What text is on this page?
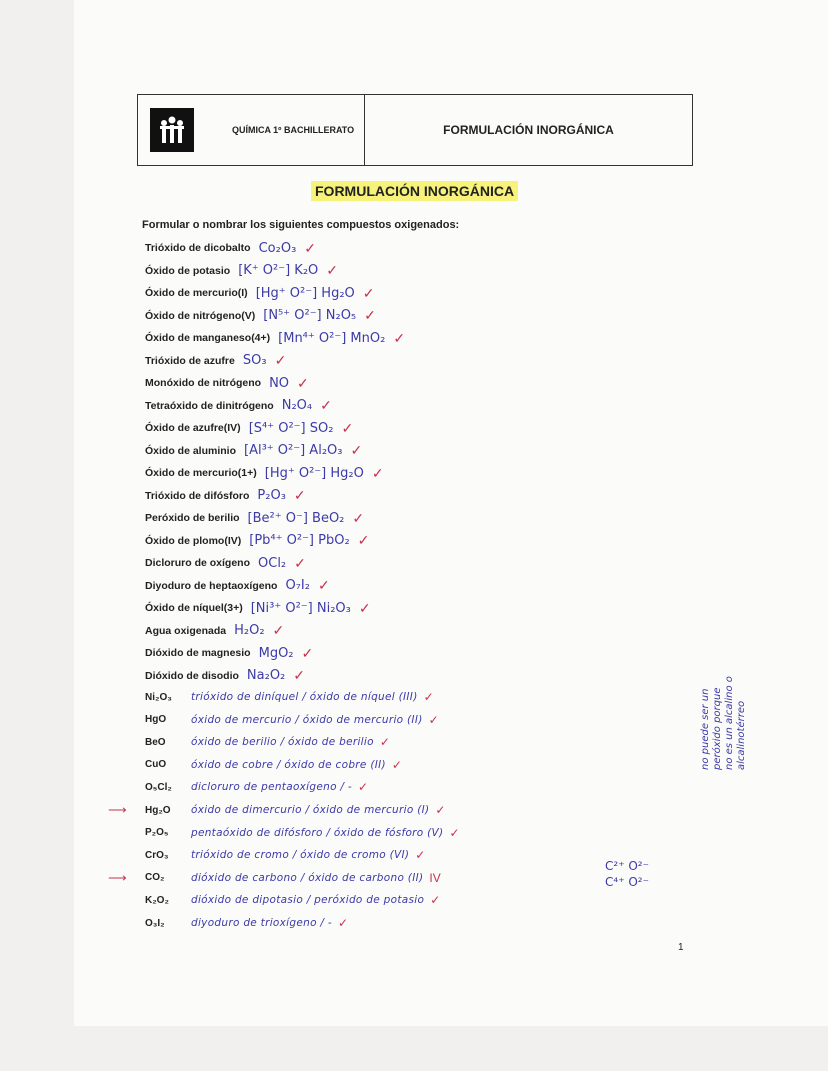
QUÍMICA 1º BACHILLERATO	FORMULACIÓN INORGÁNICA
FORMULACIÓN INORGÁNICA
Formular o nombrar los siguientes compuestos oxigenados:
Trióxido de dicobalto Co₂O₃ ✓
Óxido de potasio [K⁺ O²⁻] K₂O ✓
Óxido de mercurio(I) [Hg⁺ O²⁻] Hg₂O ✓
Óxido de nitrógeno(V) [N⁵⁺ O²⁻] N₂O₅ ✓
Óxido de manganeso(4+) [Mn⁴⁺ O²⁻] MnO₂ ✓
Trióxido de azufre SO₃ ✓
Monóxido de nitrógeno NO ✓
Tetraóxido de dinitrógeno N₂O₄ ✓
Óxido de azufre(IV) [S⁴⁺ O²⁻] SO₂ ✓
Óxido de aluminio [Al³⁺ O²⁻] Al₂O₃ ✓
Óxido de mercurio(1+) [Hg⁺ O²⁻] Hg₂O ✓
Trióxido de difósforo P₂O₃ ✓
Peróxido de berilio [Be²⁺ O⁻] BeO₂ ✓
Óxido de plomo(IV) [Pb⁴⁺ O²⁻] PbO₂ ✓
Dicloruro de oxígeno OCl₂ ✓
Diyoduro de heptaoxígeno O₇I₂ ✓
Óxido de níquel(3+) [Ni³⁺ O²⁻] Ni₂O₃ ✓
Agua oxigenada H₂O₂ ✓
Dióxido de magnesio MgO₂ ✓
Dióxido de disodio Na₂O₂ ✓
Ni₂O₃	trióxido de diníquel / óxido de níquel (III) ✓
HgO	óxido de mercurio / óxido de mercurio (II) ✓
BeO	óxido de berilio / óxido de berilio ✓
CuO	óxido de cobre / óxido de cobre (II) ✓
O₅Cl₂	dicloruro de pentaoxígeno / - ✓
Hg₂O	óxido de dimercurio / óxido de mercurio (I) ✓
P₂O₅	pentaóxido de difósforo / óxido de fósforo (V) ✓
CrO₃	trióxido de cromo / óxido de cromo (VI) ✓
CO₂	dióxido de carbono / óxido de carbono (II) IV
K₂O₂	dióxido de dipotasio / peróxido de potasio ✓
O₃I₂	diyoduro de trioxígeno / - ✓
⟶
⟶
C²⁺ O²⁻
C⁴⁺ O²⁻
no puede ser un peróxido porque no es un alcalino o alcalinotérreo
1
